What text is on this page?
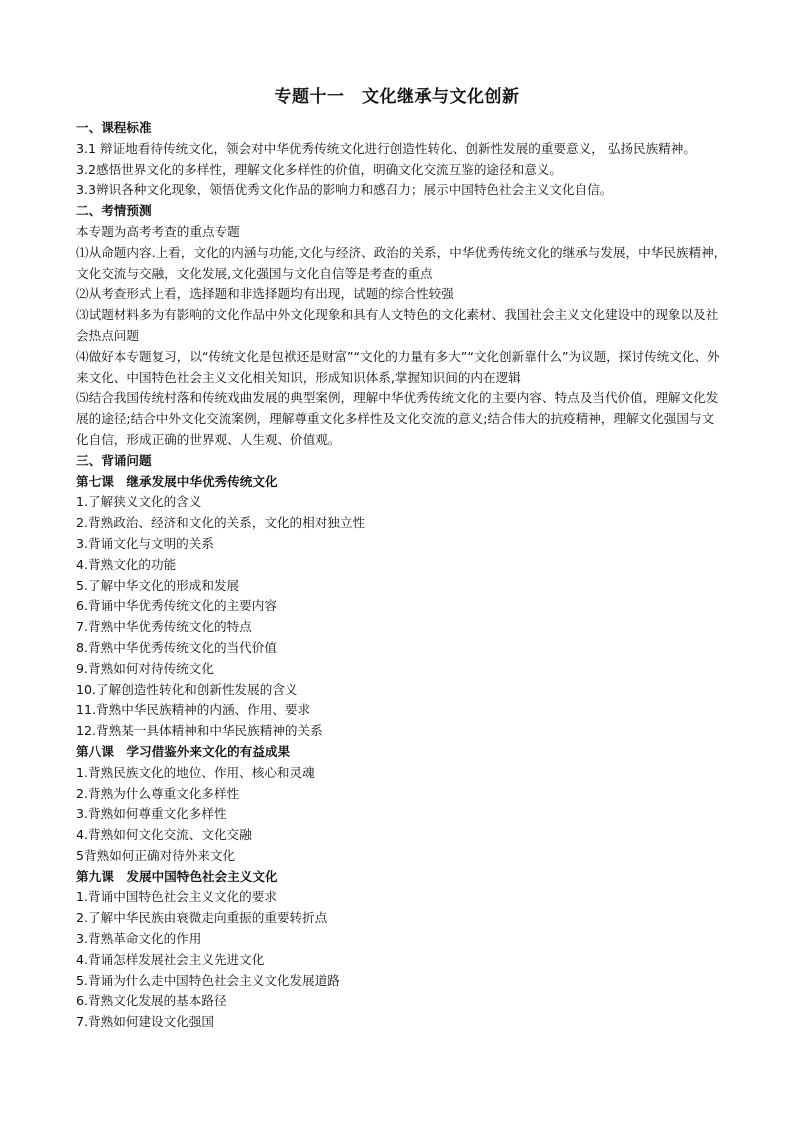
专题十一　文化继承与文化创新
一、课程标准
3.1 辩证地看待传统文化，领会对中华优秀传统文化进行创造性转化、创新性发展的重要意义， 弘扬民族精神。
3.2感悟世界文化的多样性，理解文化多样性的价值，明确文化交流互鉴的途径和意义。
3.3辨识各种文化现象，领悟优秀文化作品的影响力和感召力；展示中国特色社会主义文化自信。
二、考情预测
本专题为高考考查的重点专题
⑴从命题内容.上看，文化的内涵与功能,文化与经济、政治的关系，中华优秀传统文化的继承与发展，中华民族精神,文化交流与交融，文化发展,文化强国与文化自信等是考查的重点
⑵从考查形式上看，选择题和非选择题均有出现，试题的综合性较强
⑶试题材料多为有影响的文化作品中外文化现象和具有人文特色的文化素材、我国社会主义文化建设中的现象以及社会热点问题
⑷做好本专题复习，以“传统文化是包袱还是财富”“文化的力量有多大”“文化创新靠什么”为议题，探讨传统文化、外来文化、中国特色社会主义文化相关知识，形成知识体系,掌握知识间的内在逻辑
⑸结合我国传统村落和传统戏曲发展的典型案例，理解中华优秀传统文化的主要内容、特点及当代价值，理解文化发展的途径;结合中外文化交流案例，理解尊重文化多样性及文化交流的意义;结合伟大的抗疫精神，理解文化强国与文化自信，形成正确的世界观、人生观、价值观。
三、背诵问题
第七课　继承发展中华优秀传统文化
1.了解狭义文化的含义
2.背熟政治、经济和文化的关系，文化的相对独立性
3.背诵文化与文明的关系
4.背熟文化的功能
5.了解中华文化的形成和发展
6.背诵中华优秀传统文化的主要内容
7.背熟中华优秀传统文化的特点
8.背熟中华优秀传统文化的当代价值
9.背熟如何对待传统文化
10.了解创造性转化和创新性发展的含义
11.背熟中华民族精神的内涵、作用、要求
12.背熟某一具体精神和中华民族精神的关系
第八课　学习借鉴外来文化的有益成果
1.背熟民族文化的地位、作用、核心和灵魂
2.背熟为什么尊重文化多样性
3.背熟如何尊重文化多样性
4.背熟如何文化交流、文化交融
5背熟如何正确对待外来文化
第九课　发展中国特色社会主义文化
1.背诵中国特色社会主义文化的要求
2.了解中华民族由衰微走向重振的重要转折点
3.背熟革命文化的作用
4.背诵怎样发展社会主义先进文化
5.背诵为什么走中国特色社会主义文化发展道路
6.背熟文化发展的基本路径
7.背熟如何建设文化强国
